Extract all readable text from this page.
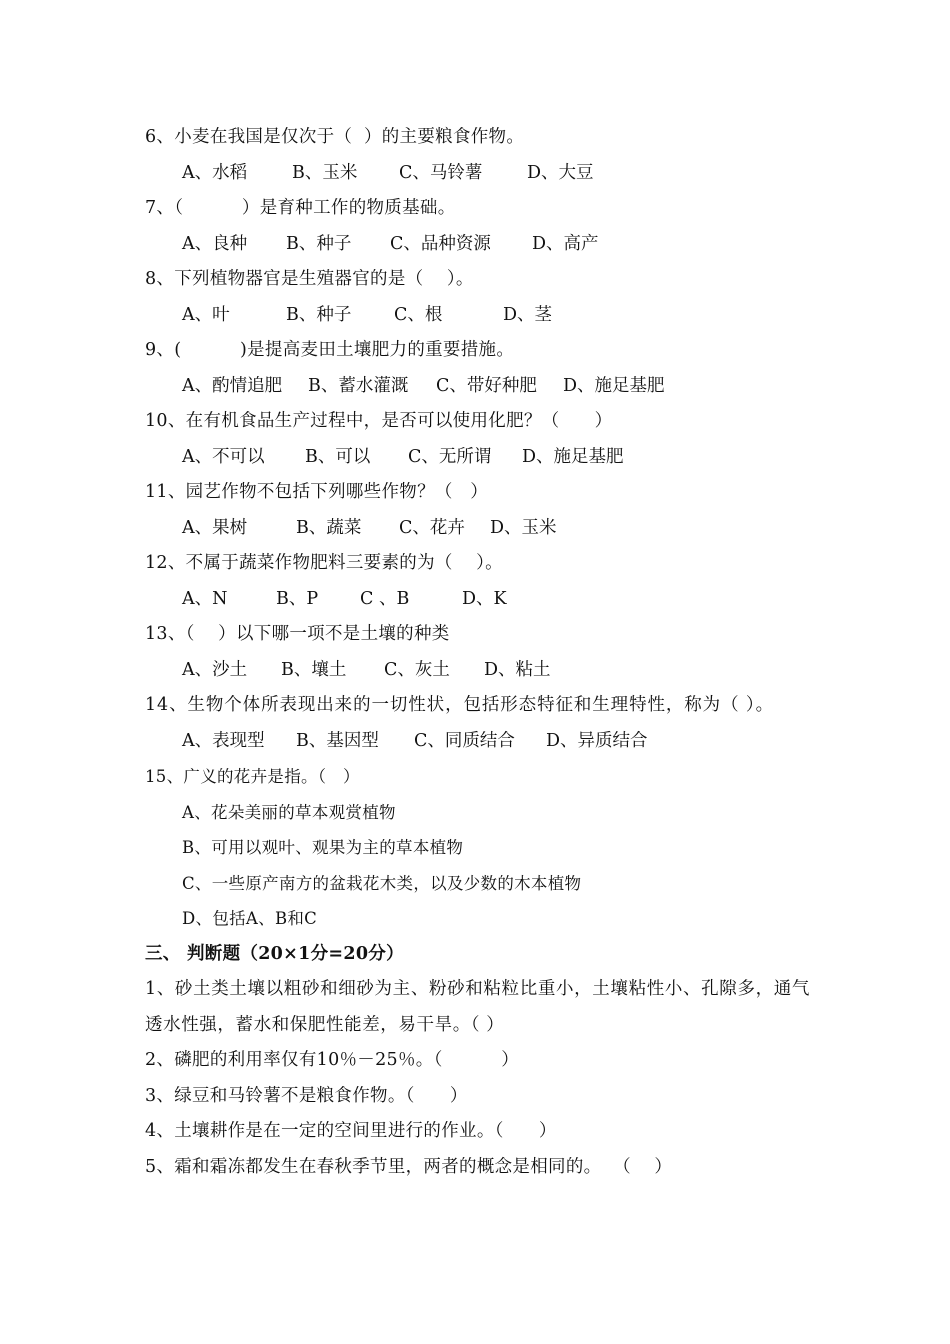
6、小麦在我国是仅次于（  ）的主要粮食作物。
A、水稻	B、玉米	C、马铃薯	D、大豆
7、（          ）是育种工作的物质基础。
A、良种	B、种子	C、品种资源	D、高产
8、下列植物器官是生殖器官的是（    ）。
A、叶	B、种子	C、根	D、茎
9、(          )是提高麦田土壤肥力的重要措施。
A、酌情追肥	B、蓄水灌溉	C、带好种肥	D、施足基肥
10、在有机食品生产过程中，是否可以使用化肥？（      ）
A、不可以	B、可以	C、无所谓	D、施足基肥
11、园艺作物不包括下列哪些作物？（   ）
A、果树	B、蔬菜	C、花卉	D、玉米
12、不属于蔬菜作物肥料三要素的为（    ）。
A、N	B、P	C 、B	D、K
13、（    ）以下哪一项不是土壤的种类
A、沙土	B、壤土	C、灰土	D、粘土
14、生物个体所表现出来的一切性状，包括形态特征和生理特性，称为（ ）。
A、表现型	B、基因型	C、同质结合	D、异质结合
15、广义的花卉是指。（   ）
A、花朵美丽的草本观赏植物
B、可用以观叶、观果为主的草本植物
C、一些原产南方的盆栽花木类，以及少数的木本植物
D、包括A、B和C
三、 判断题（20×1分=20分）
1、砂土类土壤以粗砂和细砂为主、粉砂和粘粒比重小，土壤粘性小、孔隙多，通气透水性强，蓄水和保肥性能差，易干旱。（ ）
2、磷肥的利用率仅有10％－25％。（          ）
3、绿豆和马铃薯不是粮食作物。（      ）
4、土壤耕作是在一定的空间里进行的作业。（      ）
5、霜和霜冻都发生在春秋季节里，两者的概念是相同的。  （    ）
